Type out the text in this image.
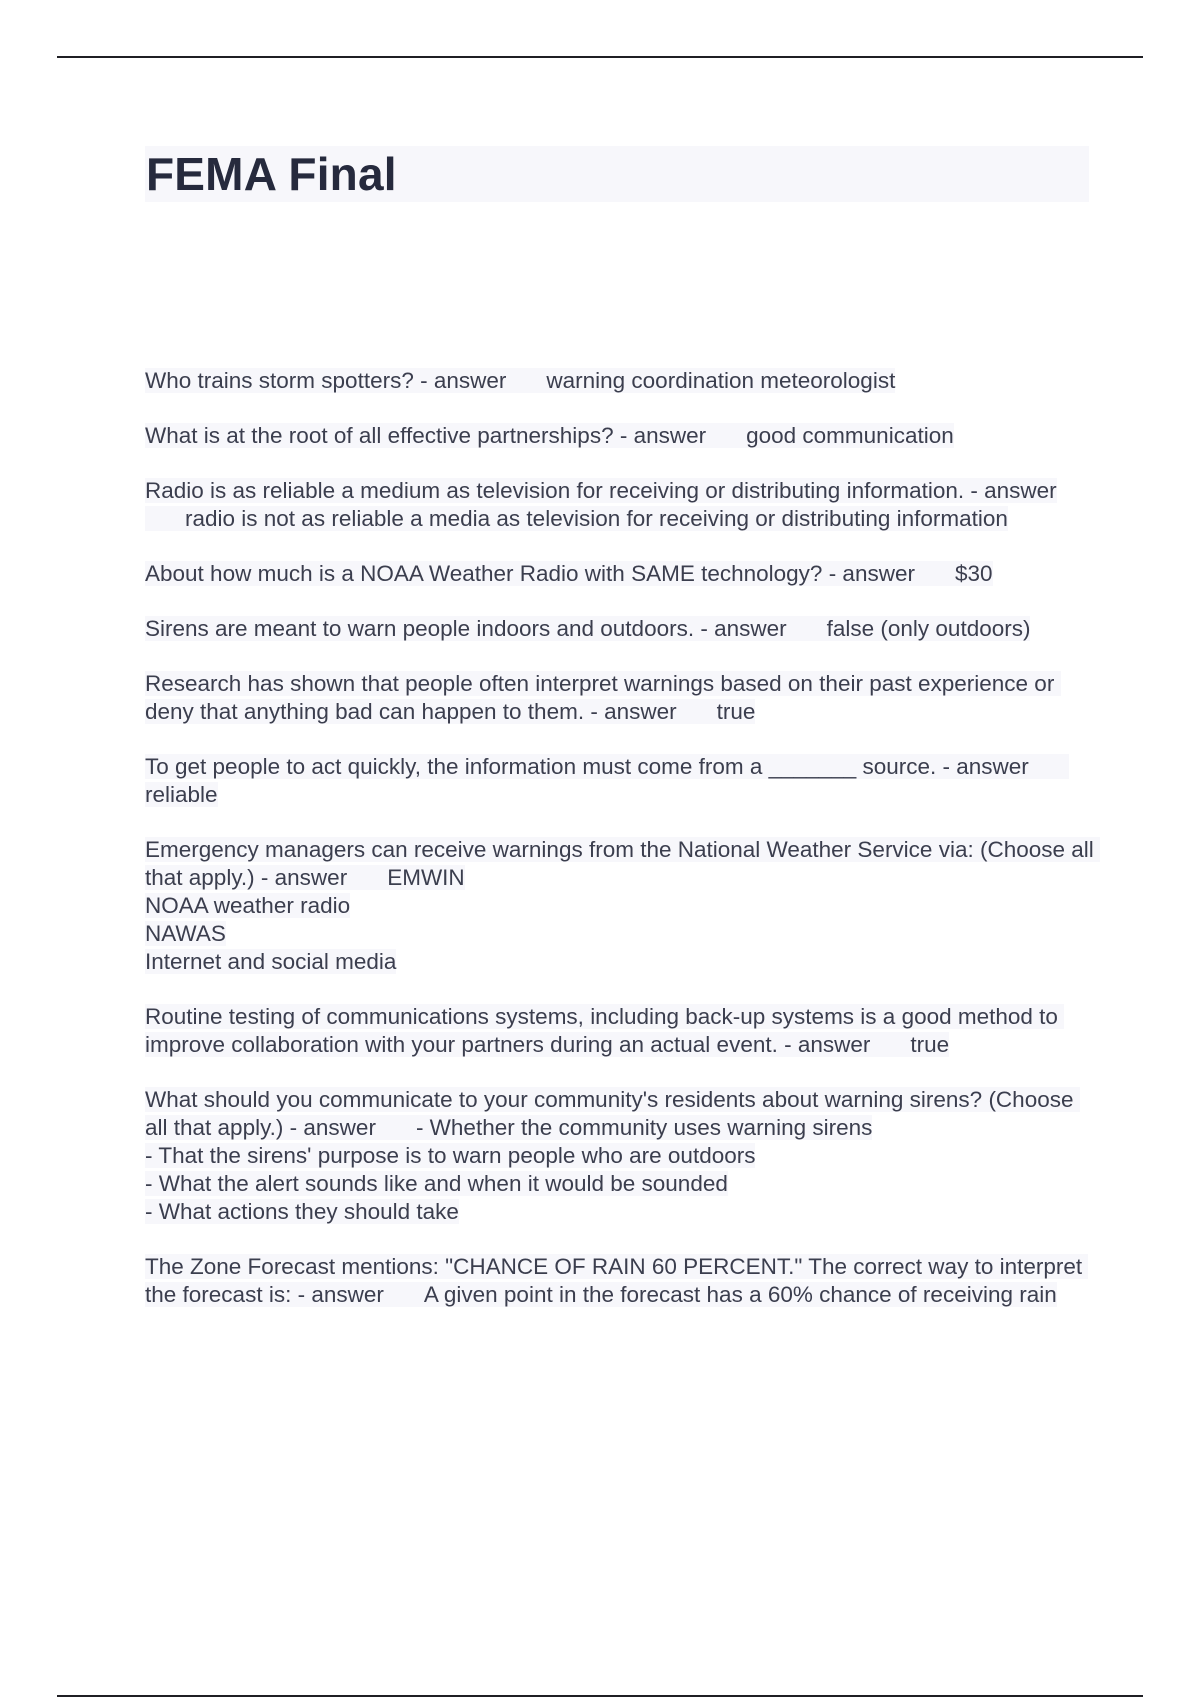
FEMA Final
Who trains storm spotters? - answer warning coordination meteorologist
What is at the root of all effective partnerships? - answer good communication
Radio is as reliable a medium as television for receiving or distributing information. - answerradio is not as reliable a media as television for receiving or distributing information
About how much is a NOAA Weather Radio with SAME technology? - answer $30
Sirens are meant to warn people indoors and outdoors. - answer false (only outdoors)
Research has shown that people often interpret warnings based on their past experience or deny that anything bad can happen to them. - answer true
To get people to act quickly, the information must come from a _______ source. - answerreliable
Emergency managers can receive warnings from the National Weather Service via: (Choose all that apply.) - answer EMWIN
NOAA weather radio
NAWAS
Internet and social media
Routine testing of communications systems, including back-up systems is a good method to improve collaboration with your partners during an actual event. - answer true
What should you communicate to your community's residents about warning sirens? (Choose all that apply.) - answer - Whether the community uses warning sirens
- That the sirens' purpose is to warn people who are outdoors
- What the alert sounds like and when it would be sounded
- What actions they should take
The Zone Forecast mentions: "CHANCE OF RAIN 60 PERCENT." The correct way to interpret the forecast is: - answer A given point in the forecast has a 60% chance of receiving rain
